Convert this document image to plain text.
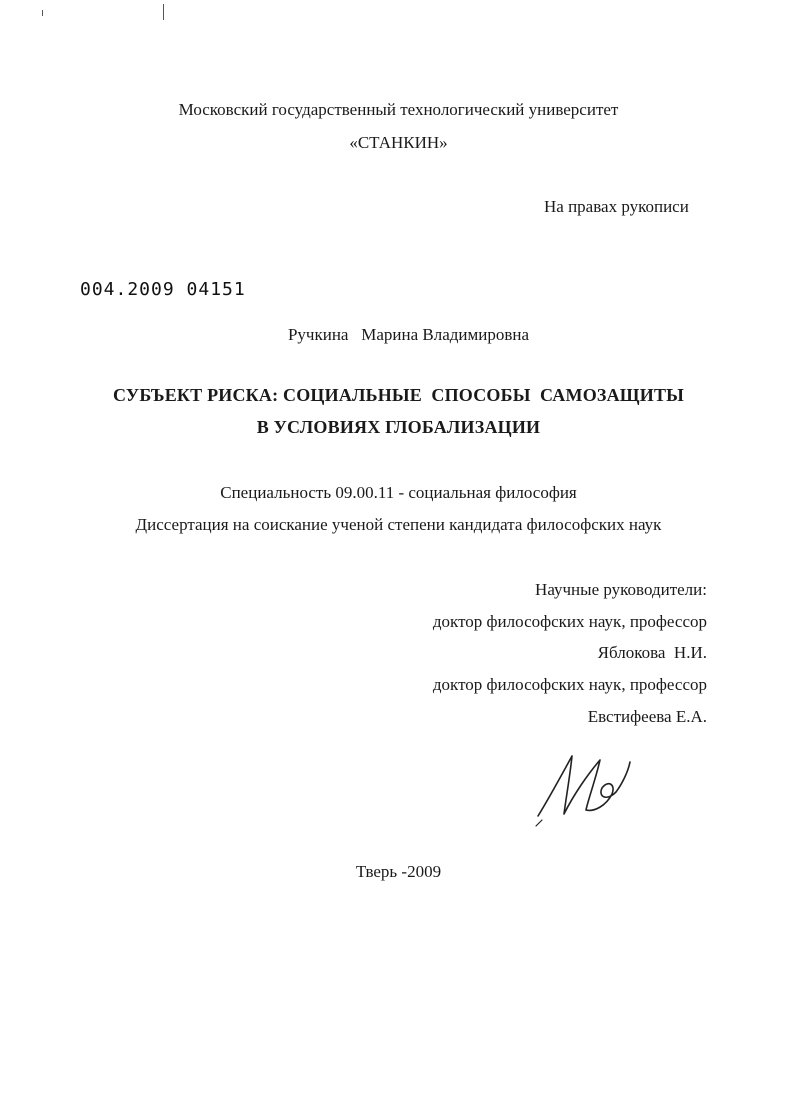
Московский государственный технологический университет
«СТАНКИН»
На правах рукописи
004.2009 04151
Ручкина   Марина Владимировна
СУБЪЕКТ РИСКА: СОЦИАЛЬНЫЕ  СПОСОБЫ  САМОЗАЩИТЫ
В УСЛОВИЯХ ГЛОБАЛИЗАЦИИ
Специальность 09.00.11 - социальная философия
Диссертация на соискание ученой степени кандидата философских наук
Научные руководители:
доктор философских наук, профессор
Яблокова  Н.И.
доктор философских наук, профессор
Евстифеева Е.А.
Тверь -2009
